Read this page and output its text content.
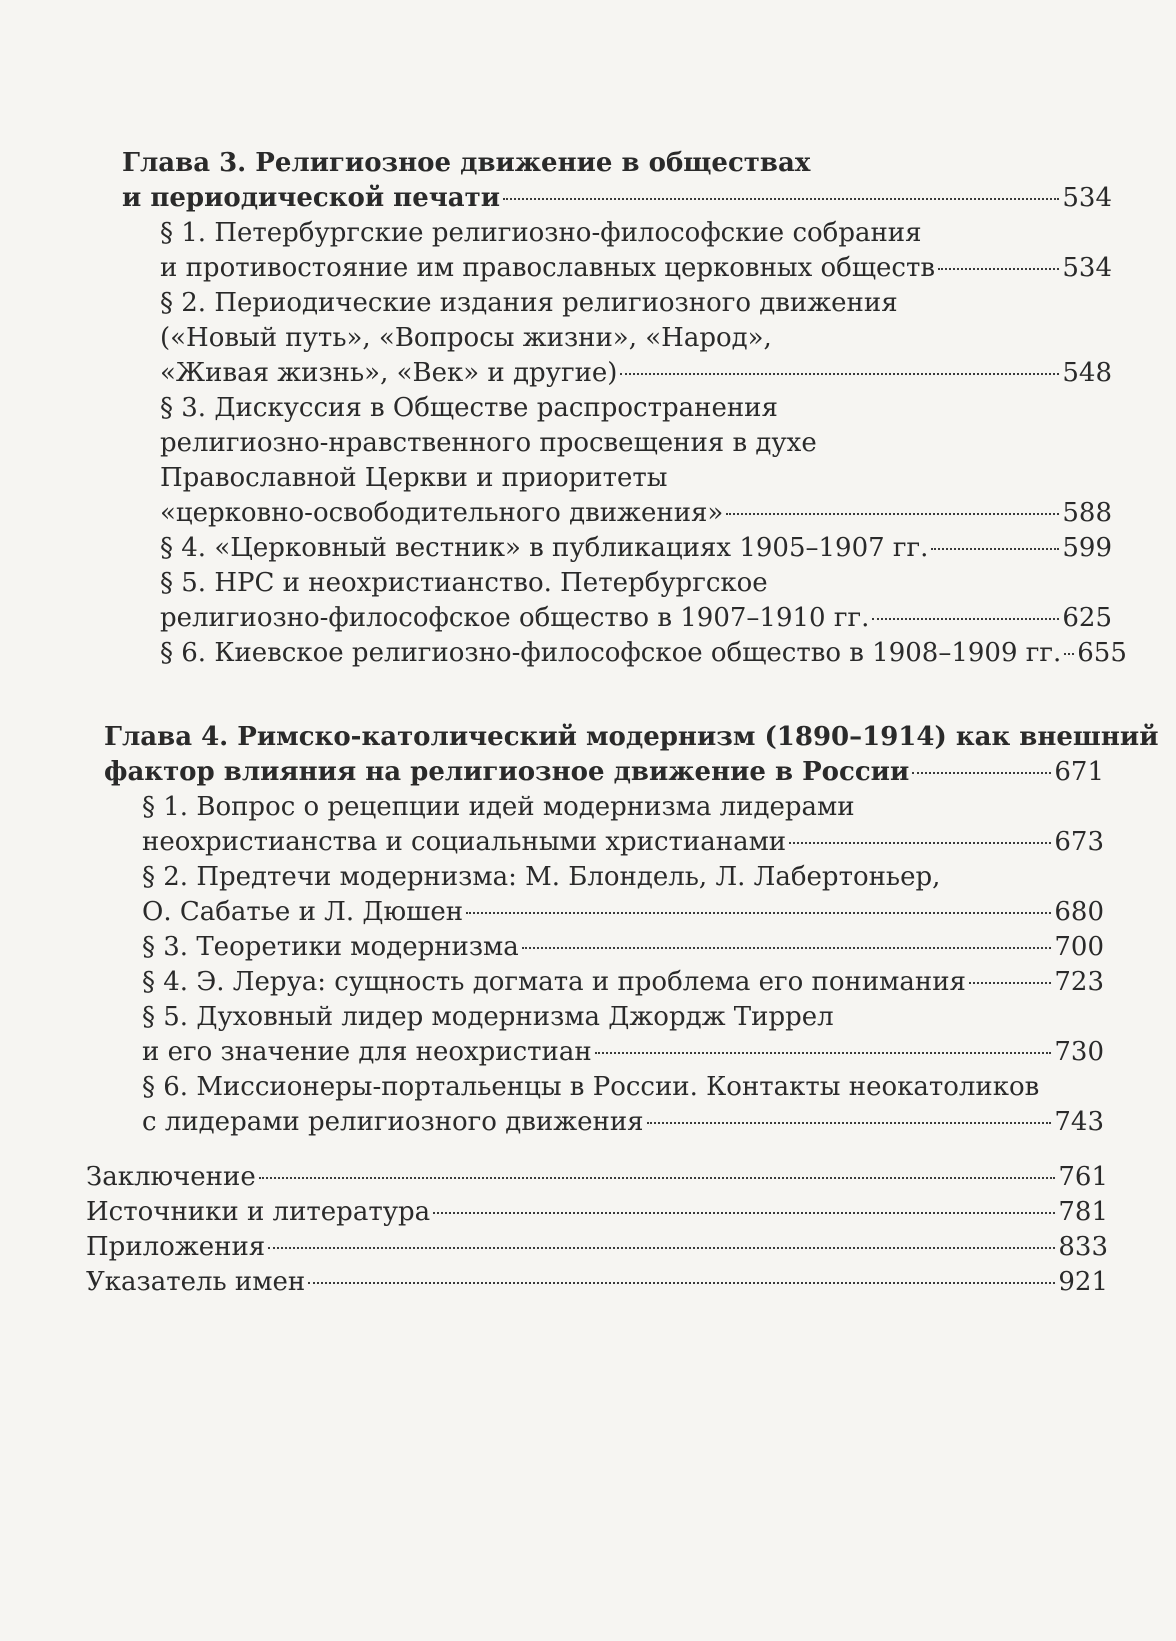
Глава 3. Религиозное движение в обществах
и периодической печати	534
§ 1. Петербургские религиозно-философские собрания
и противостояние им православных церковных обществ	534
§ 2. Периодические издания религиозного движения
(«Новый путь», «Вопросы жизни», «Народ»,
«Живая жизнь», «Век» и другие)	548
§ 3. Дискуссия в Обществе распространения
религиозно-нравственного просвещения в духе
Православной Церкви и приоритеты
«церковно-освободительного движения»	588
§ 4. «Церковный вестник» в публикациях 1905–1907 гг.	599
§ 5. НРС и неохристианство. Петербургское
религиозно-философское общество в 1907–1910 гг.	625
§ 6. Киевское религиозно-философское общество в 1908–1909 гг. 655
Глава 4. Римско-католический модернизм (1890–1914) как внешний
фактор влияния на религиозное движение в России	671
§ 1. Вопрос о рецепции идей модернизма лидерами
неохристианства и социальными христианами	673
§ 2. Предтечи модернизма: М. Блондель, Л. Лабертоньер,
О. Сабатье и Л. Дюшен	680
§ 3. Теоретики модернизма	700
§ 4. Э. Леруа: сущность догмата и проблема его понимания	723
§ 5. Духовный лидер модернизма Джордж Тиррел
и его значение для неохристиан	730
§ 6. Миссионеры-портальенцы в России. Контакты неокатоликов
с лидерами религиозного движения	743
Заключение	761
Источники и литература	781
Приложения	833
Указатель имен	921
